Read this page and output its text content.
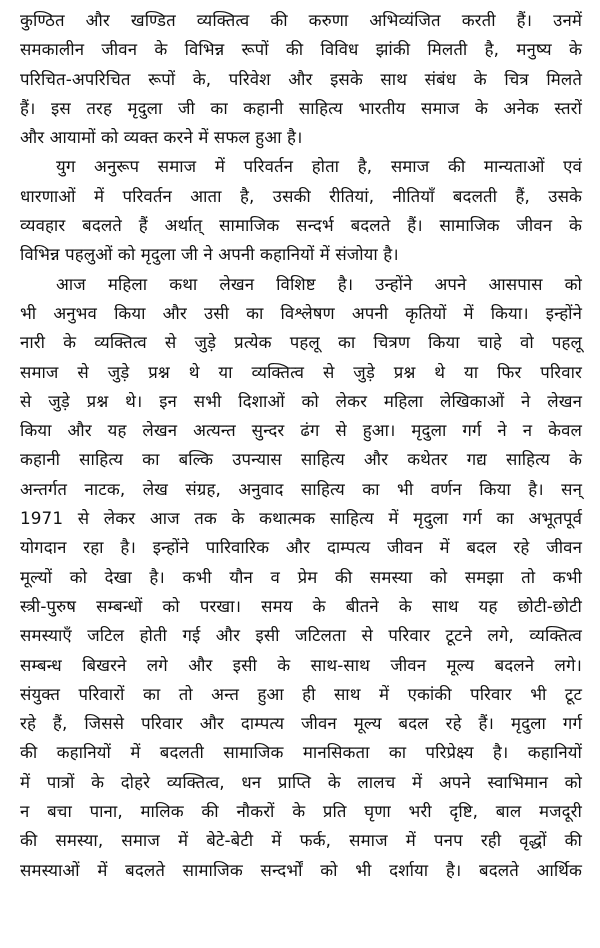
कुण्ठित और खण्डित व्यक्तित्व की करुणा अभिव्यंजित करती हैं। उनमें
समकालीन जीवन के विभिन्न रूपों की विविध झांकी मिलती है, मनुष्य के
परिचित-अपरिचित रूपों के, परिवेश और इसके साथ संबंध के चित्र मिलते
हैं। इस तरह मृदुला जी का कहानी साहित्य भारतीय समाज के अनेक स्तरों
और आयामों को व्यक्त करने में सफल हुआ है।
युग अनुरूप समाज में परिवर्तन होता है, समाज की मान्यताओं एवं
धारणाओं में परिवर्तन आता है, उसकी रीतियां, नीतियाँ बदलती हैं, उसके
व्यवहार बदलते हैं अर्थात् सामाजिक सन्दर्भ बदलते हैं। सामाजिक जीवन के
विभिन्न पहलुओं को मृदुला जी ने अपनी कहानियों में संजोया है।
आज महिला कथा लेखन विशिष्ट है। उन्होंने अपने आसपास को
भी अनुभव किया और उसी का विश्लेषण अपनी कृतियों में किया। इन्होंने
नारी के व्यक्तित्व से जुड़े प्रत्येक पहलू का चित्रण किया चाहे वो पहलू
समाज से जुड़े प्रश्न थे या व्यक्तित्व से जुड़े प्रश्न थे या फिर परिवार
से जुड़े प्रश्न थे। इन सभी दिशाओं को लेकर महिला लेखिकाओं ने लेखन
किया और यह लेखन अत्यन्त सुन्दर ढंग से हुआ। मृदुला गर्ग ने न केवल
कहानी साहित्य का बल्कि उपन्यास साहित्य और कथेतर गद्य साहित्य के
अन्तर्गत नाटक, लेख संग्रह, अनुवाद साहित्य का भी वर्णन किया है। सन्
1971 से लेकर आज तक के कथात्मक साहित्य में मृदुला गर्ग का अभूतपूर्व
योगदान रहा है। इन्होंने पारिवारिक और दाम्पत्य जीवन में बदल रहे जीवन
मूल्यों को देखा है। कभी यौन व प्रेम की समस्या को समझा तो कभी
स्त्री-पुरुष सम्बन्धों को परखा। समय के बीतने के साथ यह छोटी-छोटी
समस्याएँ जटिल होती गई और इसी जटिलता से परिवार टूटने लगे, व्यक्तित्व
सम्बन्ध बिखरने लगे और इसी के साथ-साथ जीवन मूल्य बदलने लगे।
संयुक्त परिवारों का तो अन्त हुआ ही साथ में एकांकी परिवार भी टूट
रहे हैं, जिससे परिवार और दाम्पत्य जीवन मूल्य बदल रहे हैं। मृदुला गर्ग
की कहानियों में बदलती सामाजिक मानसिकता का परिप्रेक्ष्य है। कहानियों
में पात्रों के दोहरे व्यक्तित्व, धन प्राप्ति के लालच में अपने स्वाभिमान को
न बचा पाना, मालिक की नौकरों के प्रति घृणा भरी दृष्टि, बाल मजदूरी
की समस्या, समाज में बेटे-बेटी में फर्क, समाज में पनप रही वृद्धों की
समस्याओं में बदलते सामाजिक सन्दर्भों को भी दर्शाया है। बदलते आर्थिक
